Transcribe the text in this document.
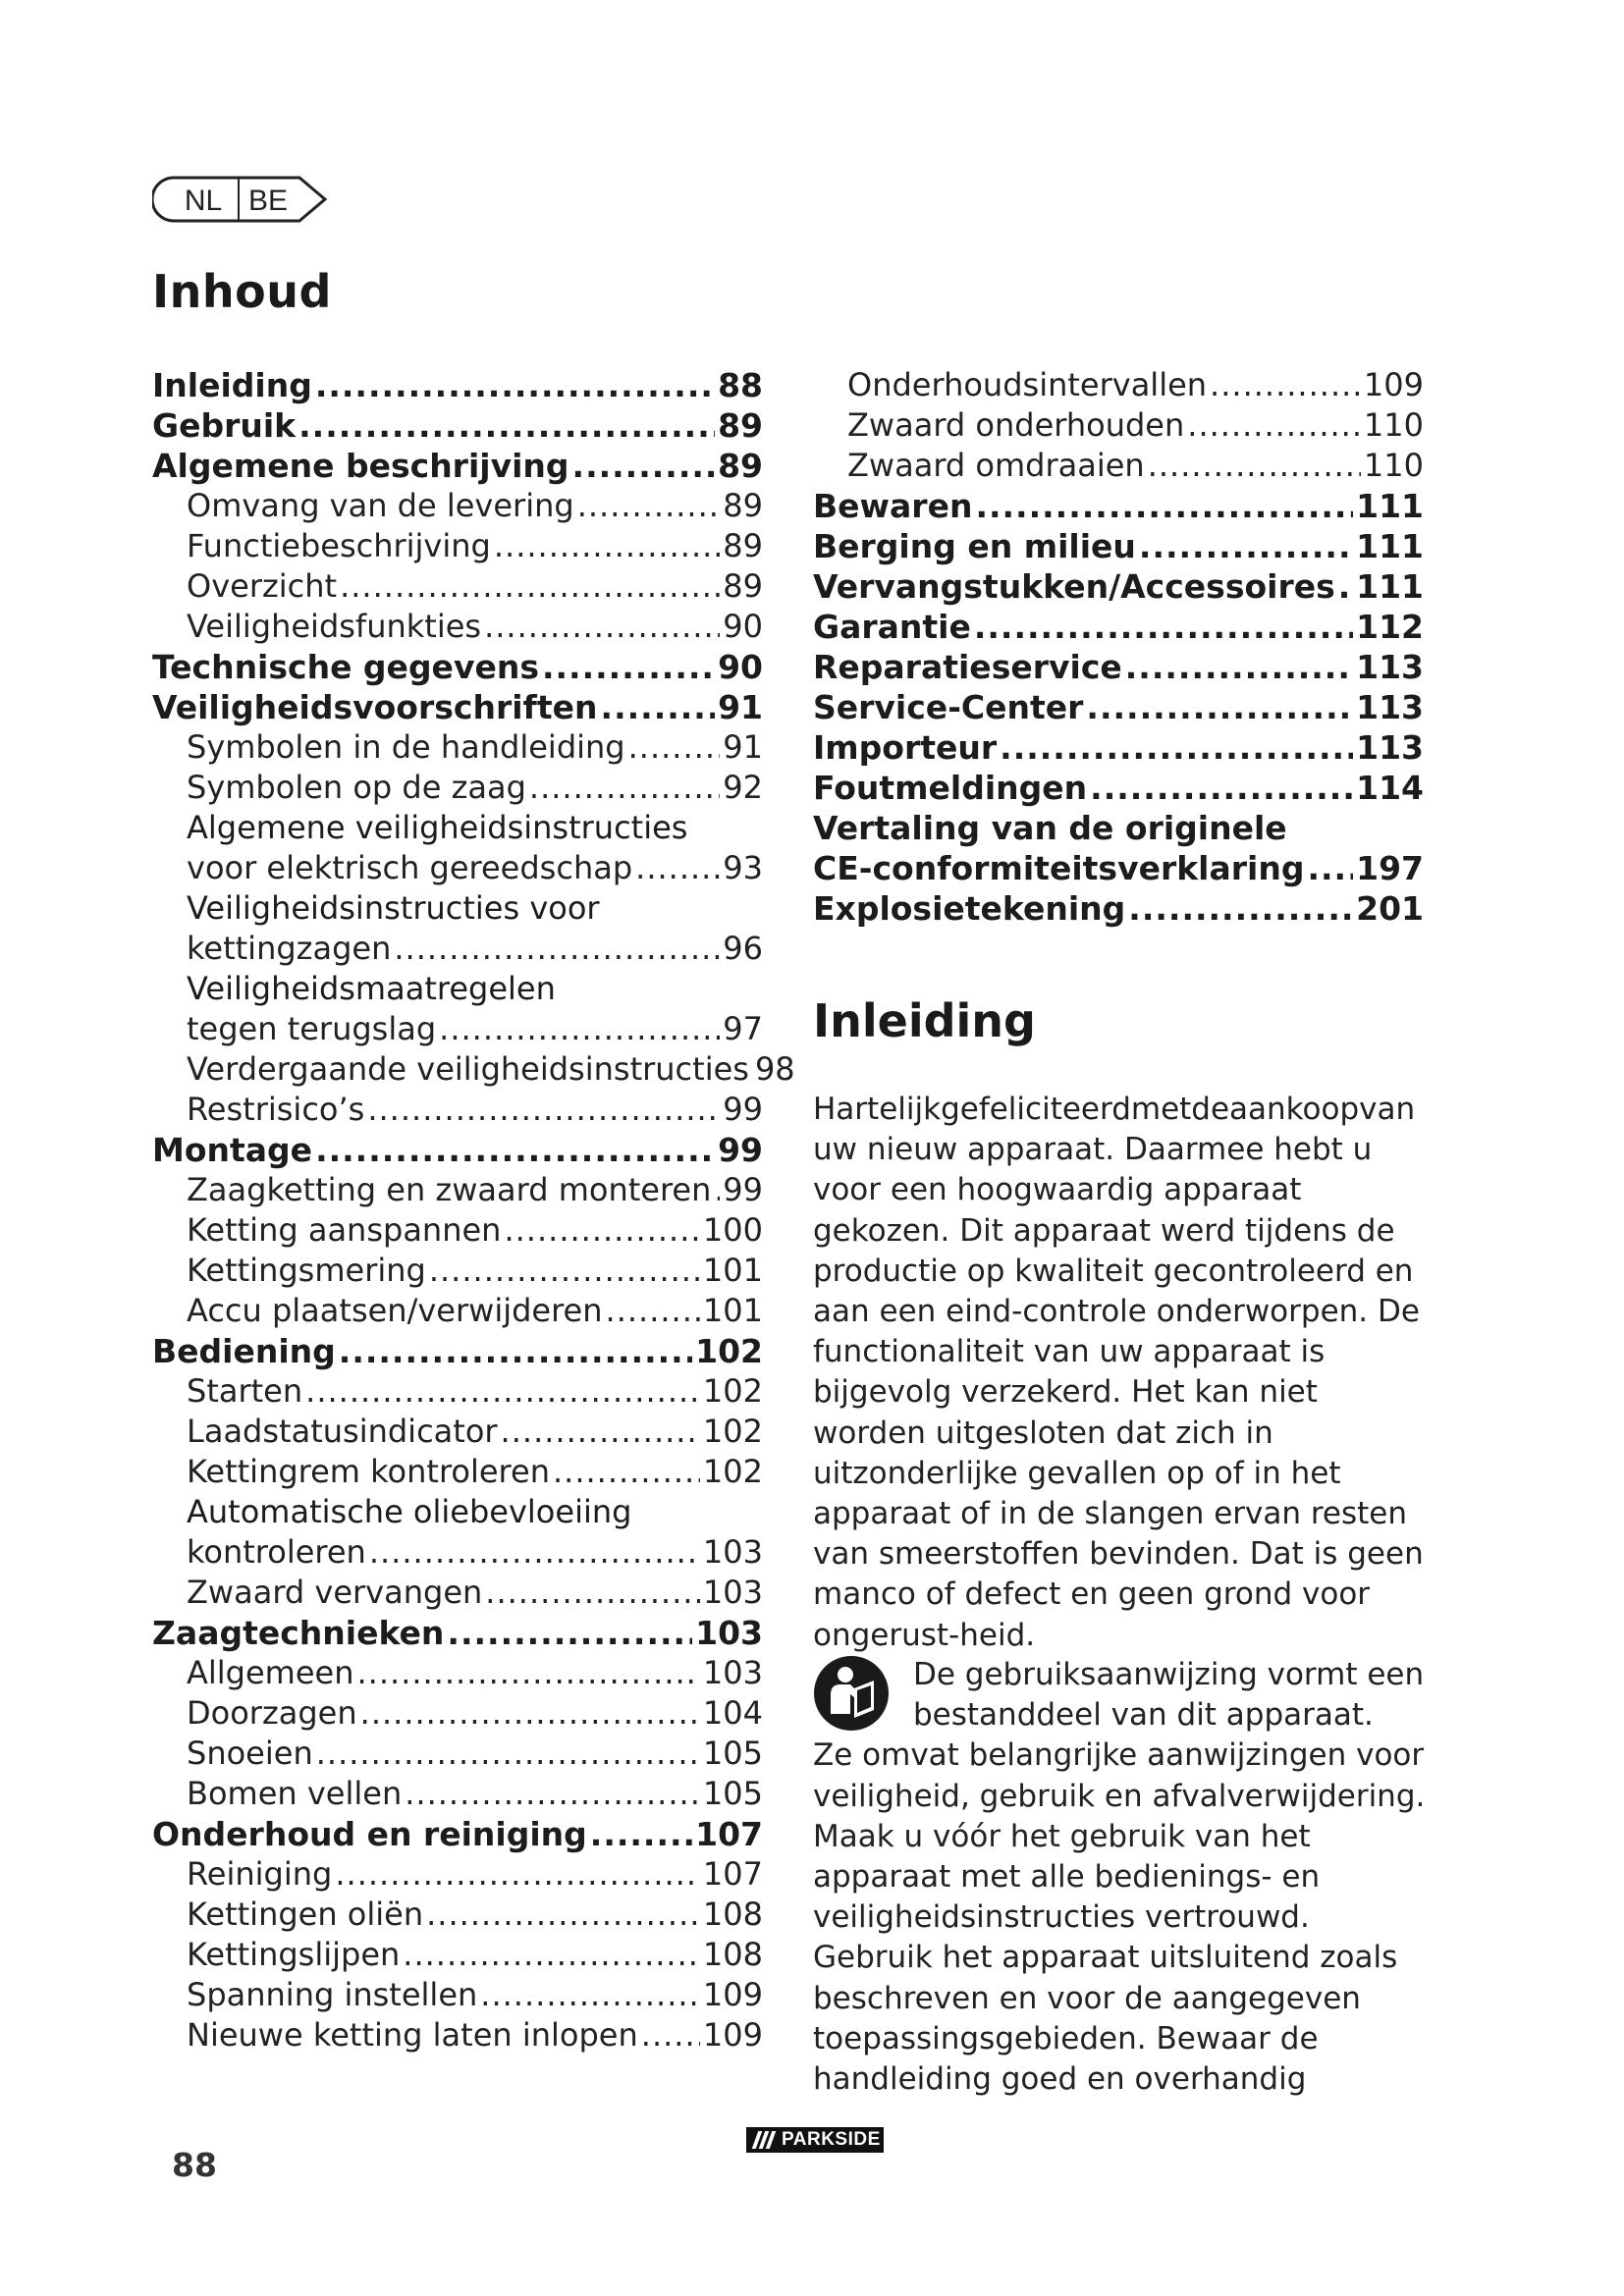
NL BE
Inhoud
Inleiding .....	88
Gebruik .....	89
Algemene beschrijving .....	89
Omvang van de levering .....	89
Functiebeschrijving .....	89
Overzicht .....	89
Veiligheidsfunkties .....	90
Technische gegevens .....	90
Veiligheidsvoorschriften .....	91
Symbolen in de handleiding .....	91
Symbolen op de zaag .....	92
Algemene veiligheidsinstructies
voor elektrisch gereedschap .....	93
Veiligheidsinstructies voor
kettingzagen .....	96
Veiligheidsmaatregelen
tegen terugslag .....	97
Verdergaande veiligheidsinstructies 98
Restrisico’s .....	99
Montage .....	99
Zaagketting en zwaard monteren ..... 99
Ketting aanspannen .....	100
Kettingsmering .....	101
Accu plaatsen/verwijderen .....	101
Bediening .....	102
Starten .....	102
Laadstatusindicator .....	102
Kettingrem kontroleren .....	102
Automatische oliebevloeiing
kontroleren .....	103
Zwaard vervangen .....	103
Zaagtechnieken .....	103
Allgemeen .....	103
Doorzagen .....	104
Snoeien .....	105
Bomen vellen .....	105
Onderhoud en reiniging .....	107
Reiniging .....	107
Kettingen oliën .....	108
Kettingslijpen .....	108
Spanning instellen .....	109
Nieuwe ketting laten inlopen ..... 109
Onderhoudsintervallen .....	109
Zwaard onderhouden .....	110
Zwaard omdraaien .....	110
Bewaren .....	111
Berging en milieu .....	111
Vervangstukken/Accessoires ..... 111
Garantie .....	112
Reparatieservice .....	113
Service-Center .....	113
Importeur .....	113
Foutmeldingen .....	114
Vertaling van de originele
CE-conformiteitsverklaring ..... 197
Explosietekening .....	201
Inleiding

Hartelijkgefeliciteerdmetdeaankoopvan uw nieuw apparaat. Daarmee hebt u voor een hoogwaardig apparaat gekozen. Dit apparaat werd tijdens de productie op kwaliteit gecontroleerd en aan een eind-controle onderworpen. De functionaliteit van uw apparaat is bijgevolg verzekerd. Het kan niet worden uitgesloten dat zich in uitzonderlijke gevallen op of in het apparaat of in de slangen ervan resten van smeerstoffen bevinden. Dat is geen manco of defect en geen grond voor ongerust-heid.

De gebruiksaanwijzing vormt een bestanddeel van dit apparaat.

Ze omvat belangrijke aanwijzingen voor veiligheid, gebruik en afvalverwijdering. Maak u vóór het gebruik van het apparaat met alle bedienings- en veiligheidsinstructies vertrouwd. Gebruik het apparaat uitsluitend zoals beschreven en voor de aangegeven toepassingsgebieden. Bewaar de handleiding goed en overhandig

88
PARKSIDE
